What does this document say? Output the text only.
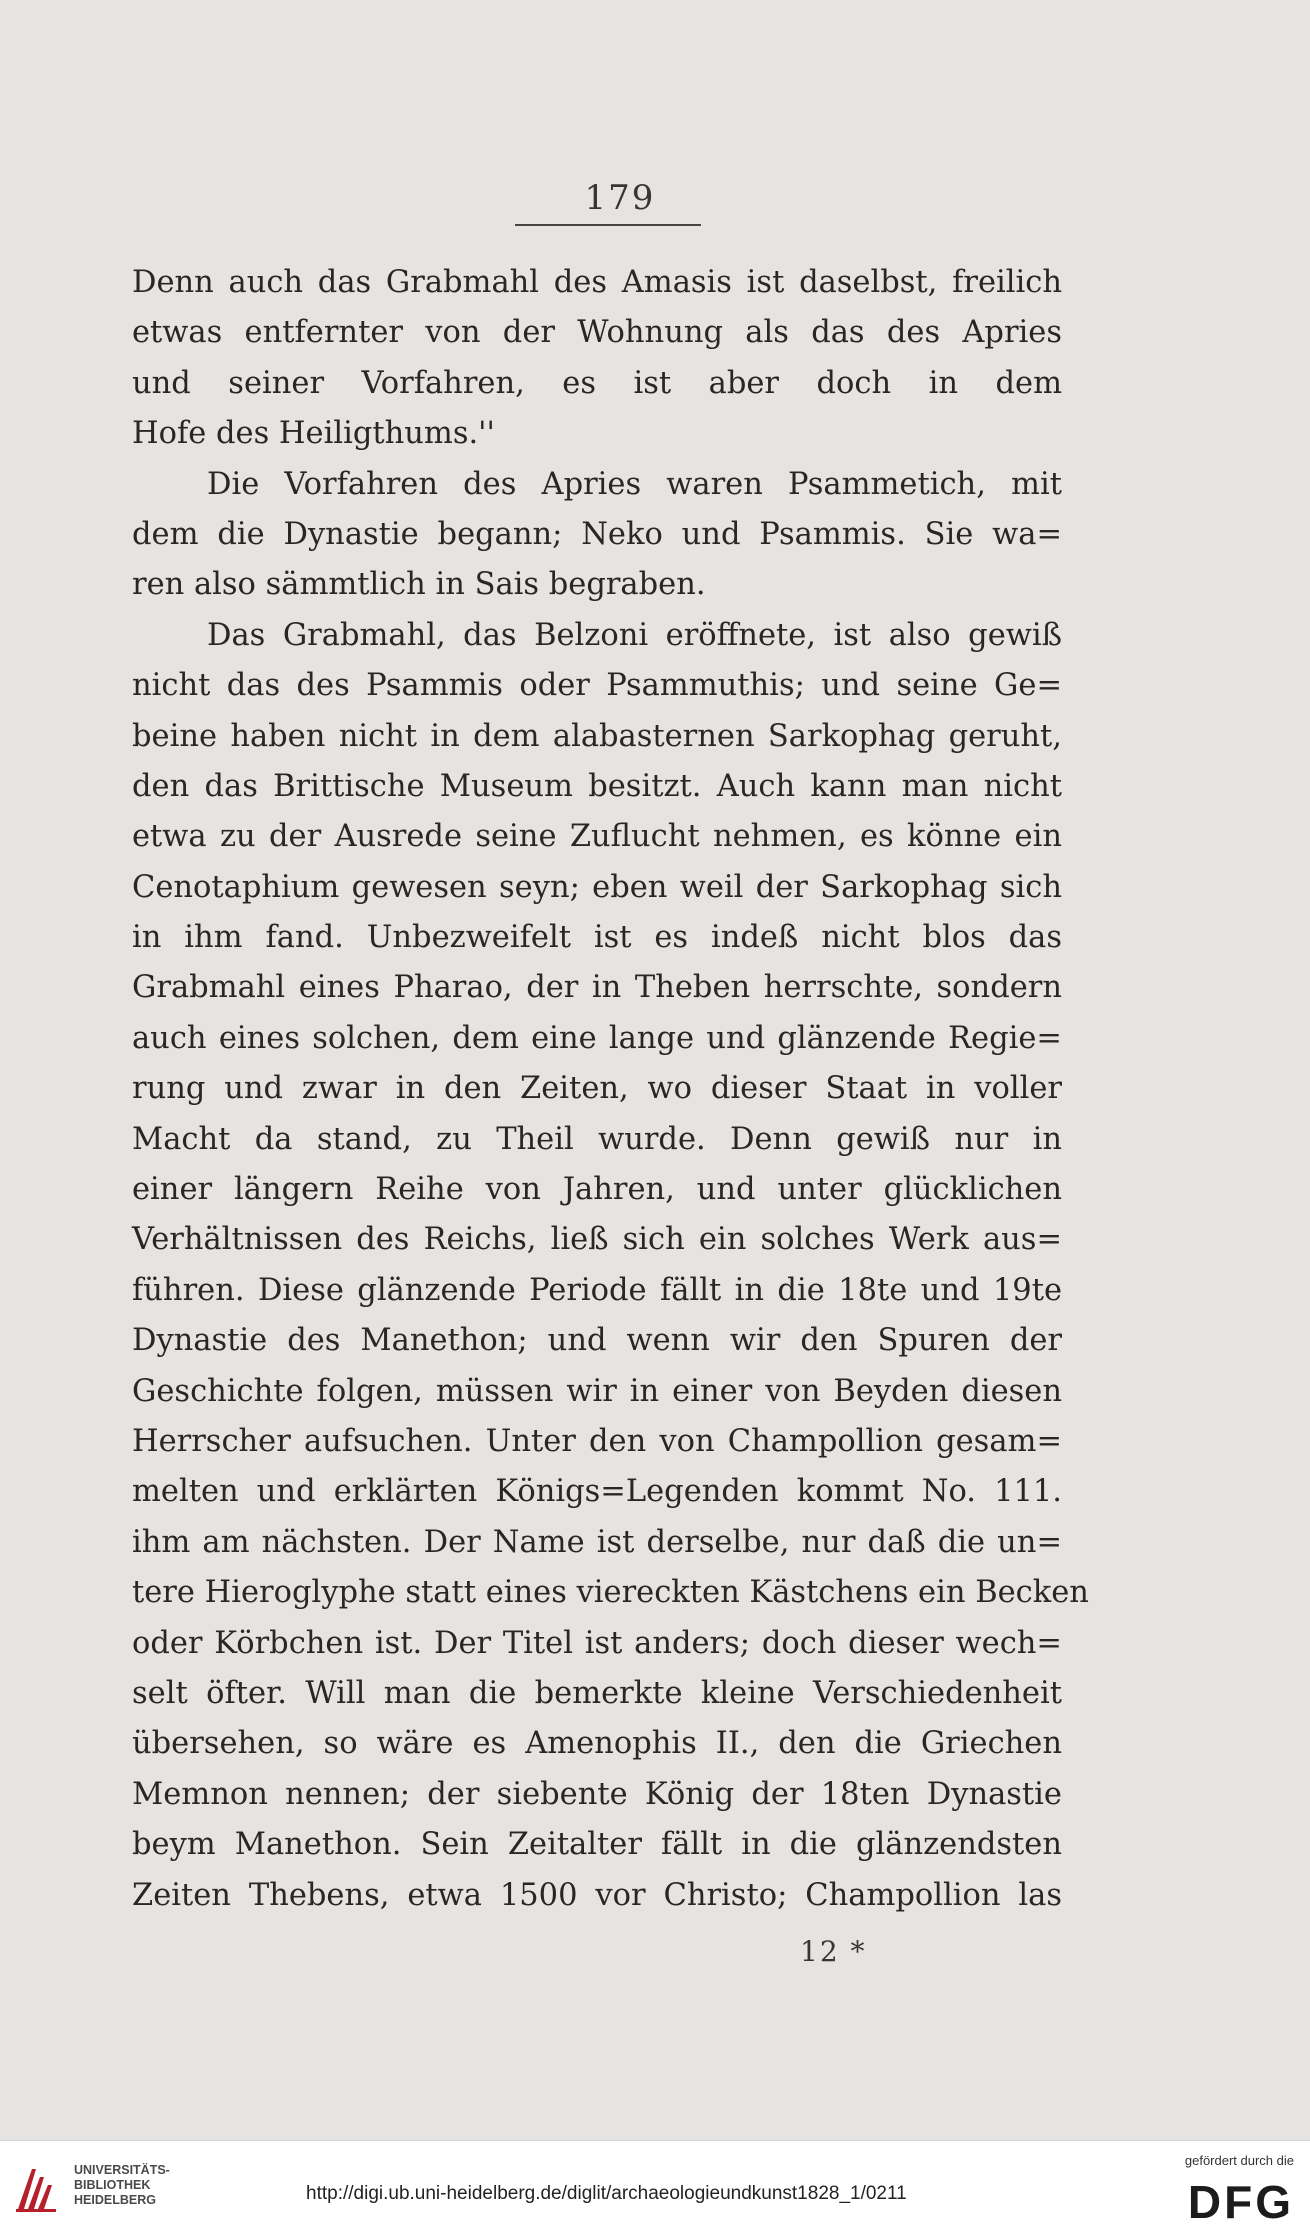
179
Denn auch das Grabmahl des Amasis ist daselbst, freilich
etwas entfernter von der Wohnung als das des Apries
und seiner Vorfahren, es ist aber doch in dem
Hofe des Heiligthums.''
Die Vorfahren des Apries waren Psammetich, mit
dem die Dynastie begann; Neko und Psammis. Sie wa=
ren also sämmtlich in Sais begraben.
Das Grabmahl, das Belzoni eröffnete, ist also gewiß
nicht das des Psammis oder Psammuthis; und seine Ge=
beine haben nicht in dem alabasternen Sarkophag geruht,
den das Brittische Museum besitzt. Auch kann man nicht
etwa zu der Ausrede seine Zuflucht nehmen, es könne ein
Cenotaphium gewesen seyn; eben weil der Sarkophag sich
in ihm fand. Unbezweifelt ist es indeß nicht blos das
Grabmahl eines Pharao, der in Theben herrschte, sondern
auch eines solchen, dem eine lange und glänzende Regie=
rung und zwar in den Zeiten, wo dieser Staat in voller
Macht da stand, zu Theil wurde. Denn gewiß nur in
einer längern Reihe von Jahren, und unter glücklichen
Verhältnissen des Reichs, ließ sich ein solches Werk aus=
führen. Diese glänzende Periode fällt in die 18te und 19te
Dynastie des Manethon; und wenn wir den Spuren der
Geschichte folgen, müssen wir in einer von Beyden diesen
Herrscher aufsuchen. Unter den von Champollion gesam=
melten und erklärten Königs=Legenden kommt No. 111.
ihm am nächsten. Der Name ist derselbe, nur daß die un=
tere Hieroglyphe statt eines viereckten Kästchens ein Becken
oder Körbchen ist. Der Titel ist anders; doch dieser wech=
selt öfter. Will man die bemerkte kleine Verschiedenheit
übersehen, so wäre es Amenophis II., den die Griechen
Memnon nennen; der siebente König der 18ten Dynastie
beym Manethon. Sein Zeitalter fällt in die glänzendsten
Zeiten Thebens, etwa 1500 vor Christo; Champollion las
12 *
UNIVERSITÄTS-
BIBLIOTHEK
HEIDELBERG	http://digi.ub.uni-heidelberg.de/diglit/archaeologieundkunst1828_1/0211
gefördert durch die
DFG
